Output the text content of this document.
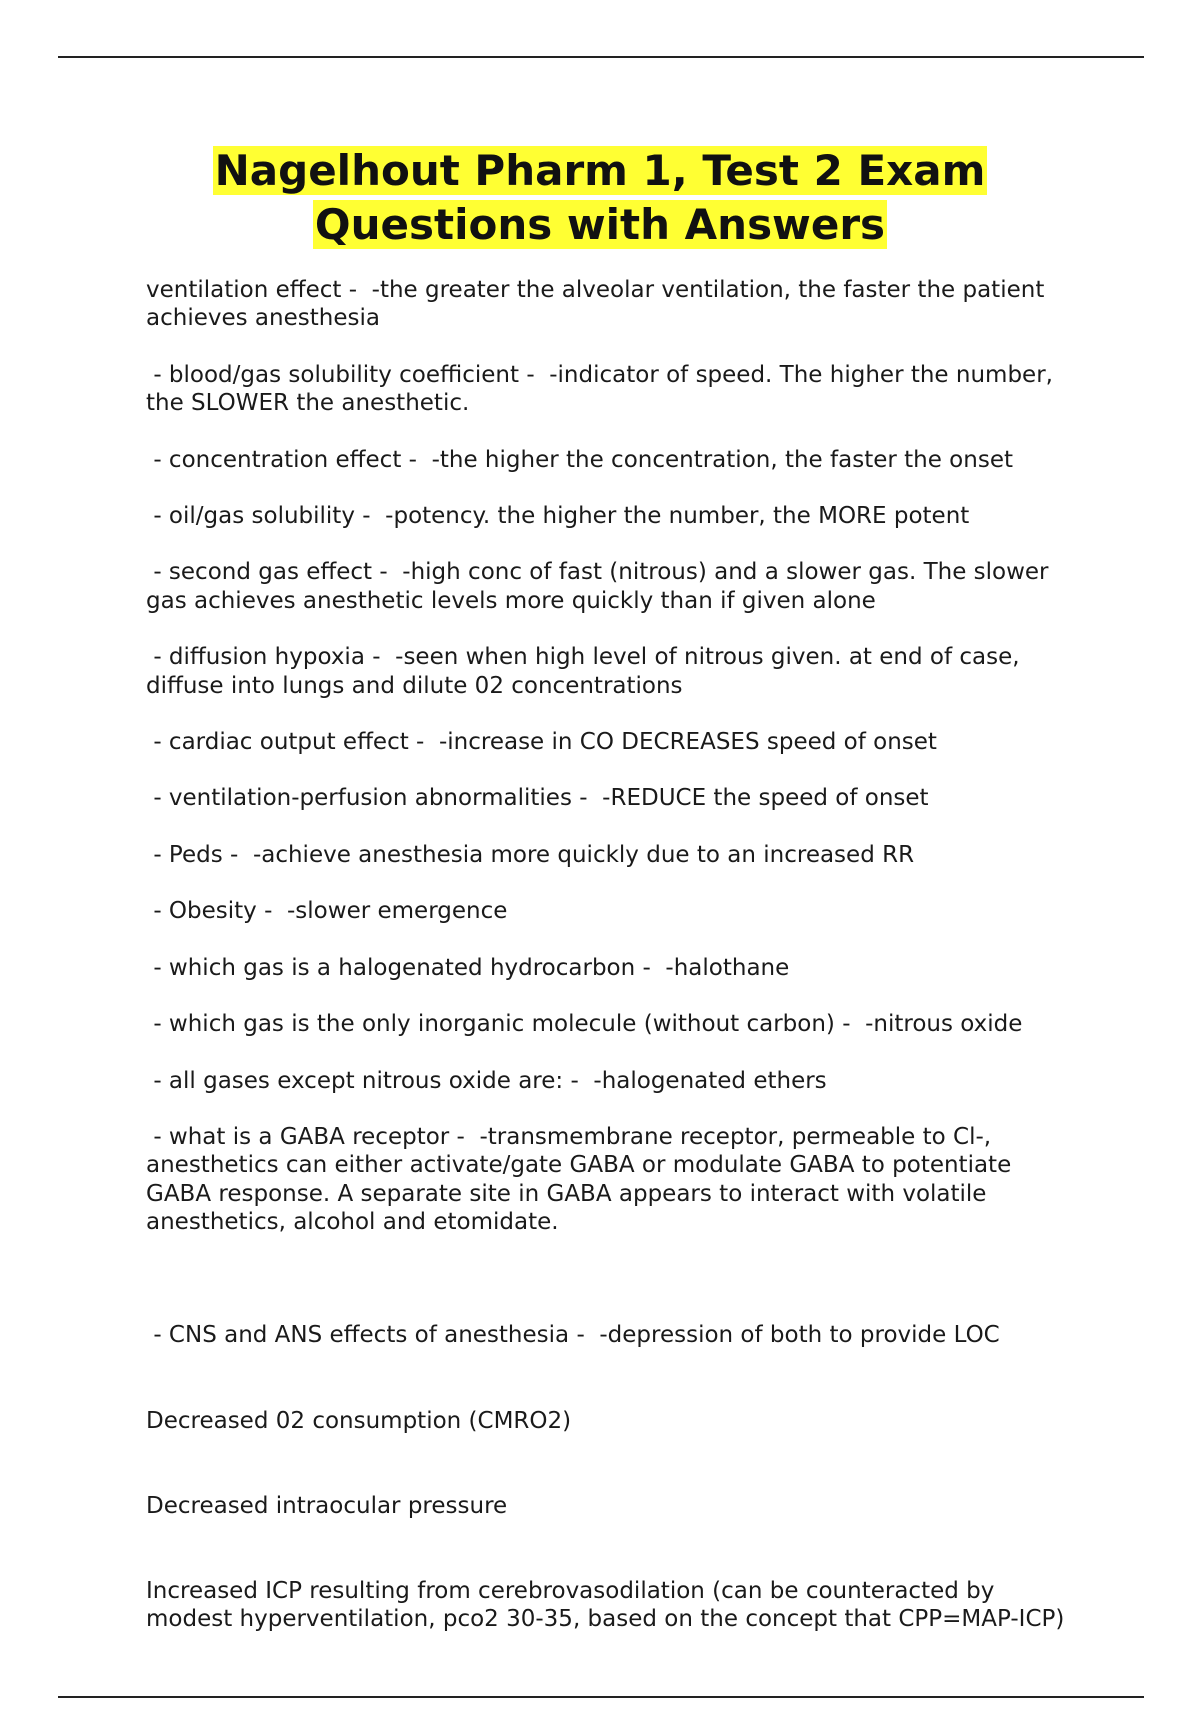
Nagelhout Pharm 1, Test 2 Exam
Questions with Answers
ventilation effect -  -the greater the alveolar ventilation, the faster the patient achieves anesthesia
- blood/gas solubility coefficient -  -indicator of speed. The higher the number, the SLOWER the anesthetic.
- concentration effect -  -the higher the concentration, the faster the onset
- oil/gas solubility -  -potency. the higher the number, the MORE potent
- second gas effect -  -high conc of fast (nitrous) and a slower gas. The slower gas achieves anesthetic levels more quickly than if given alone
- diffusion hypoxia -  -seen when high level of nitrous given. at end of case, diffuse into lungs and dilute 02 concentrations
- cardiac output effect -  -increase in CO DECREASES speed of onset
- ventilation-perfusion abnormalities -  -REDUCE the speed of onset
- Peds -  -achieve anesthesia more quickly due to an increased RR
- Obesity -  -slower emergence
- which gas is a halogenated hydrocarbon -  -halothane
- which gas is the only inorganic molecule (without carbon) -  -nitrous oxide
- all gases except nitrous oxide are: -  -halogenated ethers
- what is a GABA receptor -  -transmembrane receptor, permeable to Cl-, anesthetics can either activate/gate GABA or modulate GABA to potentiate GABA response. A separate site in GABA appears to interact with volatile anesthetics, alcohol and etomidate.

- CNS and ANS effects of anesthesia -  -depression of both to provide LOC

Decreased 02 consumption (CMRO2)

Decreased intraocular pressure

Increased ICP resulting from cerebrovasodilation (can be counteracted by modest hyperventilation, pco2 30-35, based on the concept that CPP=MAP-ICP)
